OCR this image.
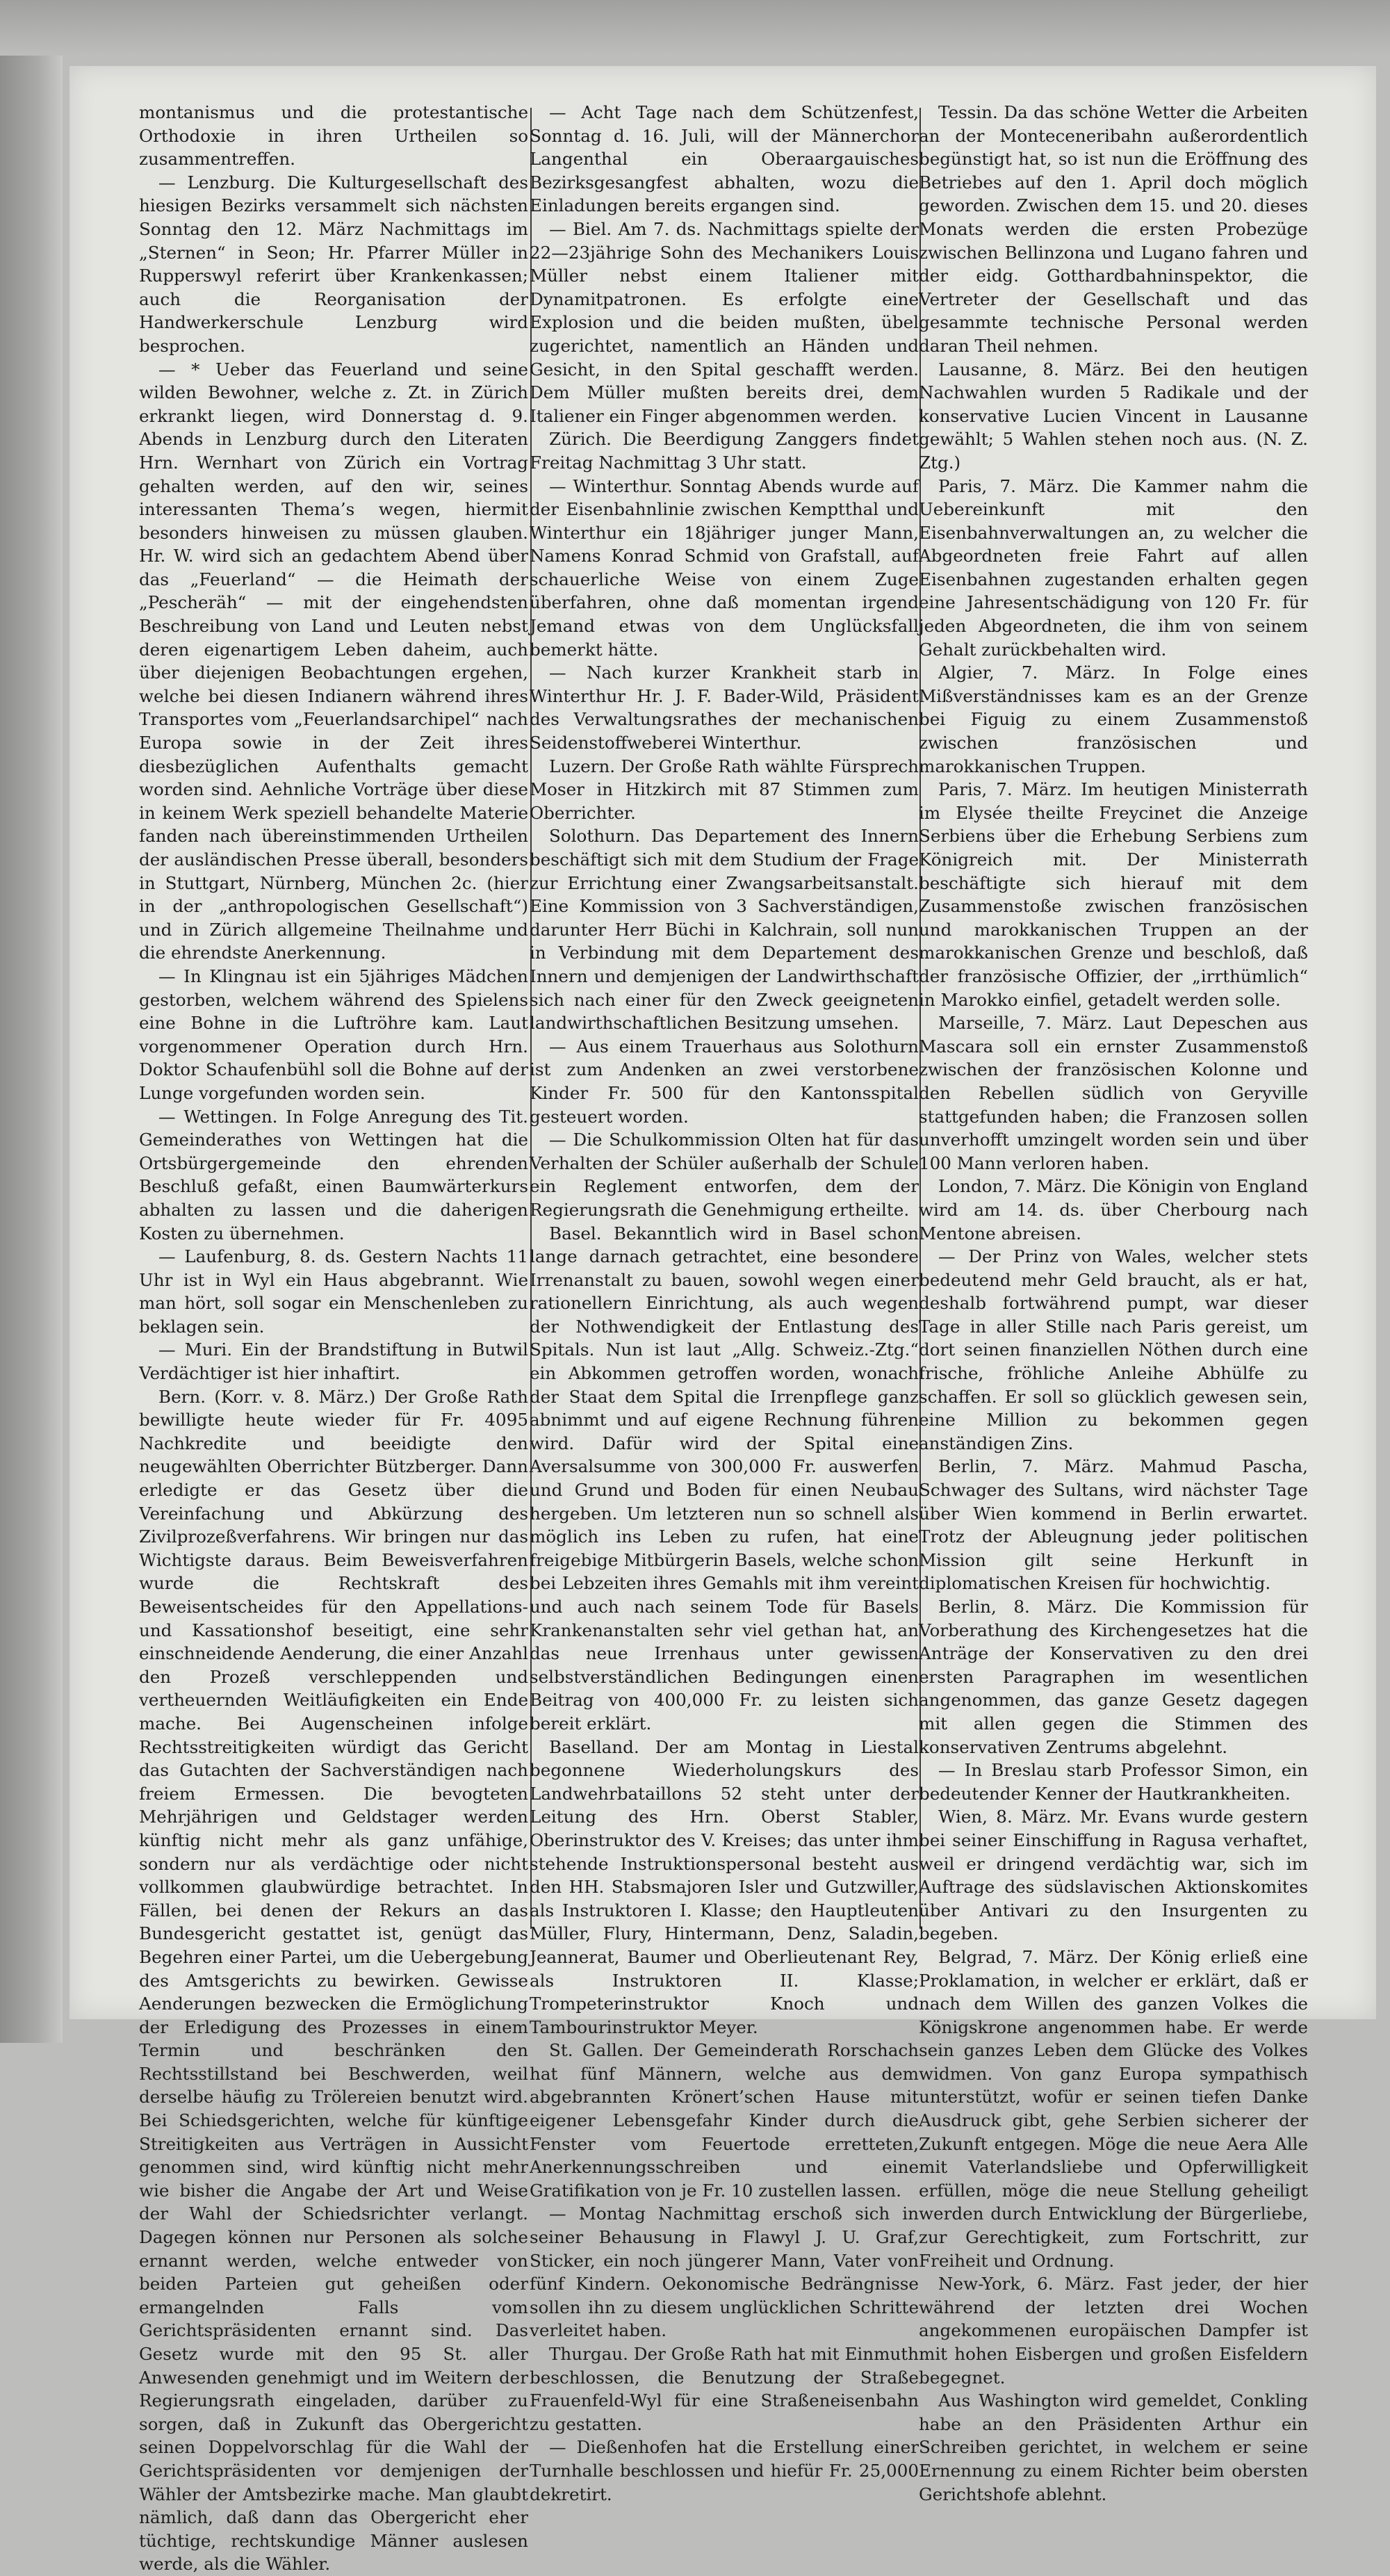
montanismus und die protestantische Orthodoxie in ihren Urtheilen so zusammentreffen.

— Lenzburg. Die Kulturgesellschaft des hiesigen Bezirks versammelt sich nächsten Sonntag den 12. März Nachmittags im „Sternen“ in Seon; Hr. Pfarrer Müller in Rupperswyl referirt über Krankenkassen; auch die Reorganisation der Handwerkerschule Lenzburg wird besprochen.

— * Ueber das Feuerland und seine wilden Bewohner, welche z. Zt. in Zürich erkrankt liegen, wird Donnerstag d. 9. Abends in Lenzburg durch den Literaten Hrn. Wernhart von Zürich ein Vortrag gehalten werden, auf den wir, seines interessanten Thema’s wegen, hiermit besonders hinweisen zu müssen glauben. Hr. W. wird sich an gedachtem Abend über das „Feuerland“ — die Heimath der „Pescheräh“ — mit der eingehendsten Beschreibung von Land und Leuten nebst deren eigenartigem Leben daheim, auch über diejenigen Beobachtungen ergehen, welche bei diesen Indianern während ihres Transportes vom „Feuerlandsarchipel“ nach Europa sowie in der Zeit ihres diesbezüglichen Aufenthalts gemacht worden sind. Aehnliche Vorträge über diese in keinem Werk speziell behandelte Materie fanden nach übereinstimmenden Urtheilen der ausländischen Presse überall, besonders in Stuttgart, Nürnberg, München 2c. (hier in der „anthropologischen Gesellschaft“) und in Zürich allgemeine Theilnahme und die ehrendste Anerkennung.

— In Klingnau ist ein 5jähriges Mädchen gestorben, welchem während des Spielens eine Bohne in die Luftröhre kam. Laut vorgenommener Operation durch Hrn. Doktor Schaufenbühl soll die Bohne auf der Lunge vorgefunden worden sein.

— Wettingen. In Folge Anregung des Tit. Gemeinderathes von Wettingen hat die Ortsbürgergemeinde den ehrenden Beschluß gefaßt, einen Baumwärterkurs abhalten zu lassen und die daherigen Kosten zu übernehmen.

— Laufenburg, 8. ds. Gestern Nachts 11 Uhr ist in Wyl ein Haus abgebrannt. Wie man hört, soll sogar ein Menschenleben zu beklagen sein.

— Muri. Ein der Brandstiftung in Butwil Verdächtiger ist hier inhaftirt.

Bern. (Korr. v. 8. März.) Der Große Rath bewilligte heute wieder für Fr. 4095 Nachkredite und beeidigte den neugewählten Oberrichter Bützberger. Dann erledigte er das Gesetz über die Vereinfachung und Abkürzung des Zivilprozeßverfahrens. Wir bringen nur das Wichtigste daraus. Beim Beweisverfahren wurde die Rechtskraft des Beweisentscheides für den Appellations- und Kassationshof beseitigt, eine sehr einschneidende Aenderung, die einer Anzahl den Prozeß verschleppenden und vertheuernden Weitläufigkeiten ein Ende mache. Bei Augenscheinen infolge Rechtsstreitigkeiten würdigt das Gericht das Gutachten der Sachverständigen nach freiem Ermessen. Die bevogteten Mehrjährigen und Geldstager werden künftig nicht mehr als ganz unfähige, sondern nur als verdächtige oder nicht vollkommen glaubwürdige betrachtet. In Fällen, bei denen der Rekurs an das Bundesgericht gestattet ist, genügt das Begehren einer Partei, um die Uebergebung des Amtsgerichts zu bewirken. Gewisse Aenderungen bezwecken die Ermöglichung der Erledigung des Prozesses in einem Termin und beschränken den Rechtsstillstand bei Beschwerden, weil derselbe häufig zu Trölereien benutzt wird. Bei Schiedsgerichten, welche für künftige Streitigkeiten aus Verträgen in Aussicht genommen sind, wird künftig nicht mehr wie bisher die Angabe der Art und Weise der Wahl der Schiedsrichter verlangt. Dagegen können nur Personen als solche ernannt werden, welche entweder von beiden Parteien gut geheißen oder ermangelnden Falls vom Gerichtspräsidenten ernannt sind. Das Gesetz wurde mit den 95 St. aller Anwesenden genehmigt und im Weitern der Regierungsrath eingeladen, darüber zu sorgen, daß in Zukunft das Obergericht seinen Doppelvorschlag für die Wahl der Gerichtspräsidenten vor demjenigen der Wähler der Amtsbezirke mache. Man glaubt nämlich, daß dann das Obergericht eher tüchtige, rechtskundige Männer auslesen werde, als die Wähler.

— Acht Tage nach dem Schützenfest, Sonntag d. 16. Juli, will der Männerchor Langenthal ein Oberaargauisches Bezirksgesangfest abhalten, wozu die Einladungen bereits ergangen sind.

— Biel. Am 7. ds. Nachmittags spielte der 22—23jährige Sohn des Mechanikers Louis Müller nebst einem Italiener mit Dynamitpatronen. Es erfolgte eine Explosion und die beiden mußten, übel zugerichtet, namentlich an Händen und Gesicht, in den Spital geschafft werden. Dem Müller mußten bereits drei, dem Italiener ein Finger abgenommen werden.

Zürich. Die Beerdigung Zanggers findet Freitag Nachmittag 3 Uhr statt.

— Winterthur. Sonntag Abends wurde auf der Eisenbahnlinie zwischen Kemptthal und Winterthur ein 18jähriger junger Mann, Namens Konrad Schmid von Grafstall, auf schauerliche Weise von einem Zuge überfahren, ohne daß momentan irgend Jemand etwas von dem Unglücksfall bemerkt hätte.

— Nach kurzer Krankheit starb in Winterthur Hr. J. F. Bader-Wild, Präsident des Verwaltungsrathes der mechanischen Seidenstoffweberei Winterthur.

Luzern. Der Große Rath wählte Fürsprech Moser in Hitzkirch mit 87 Stimmen zum Oberrichter.

Solothurn. Das Departement des Innern beschäftigt sich mit dem Studium der Frage zur Errichtung einer Zwangsarbeitsanstalt. Eine Kommission von 3 Sachverständigen, darunter Herr Büchi in Kalchrain, soll nun in Verbindung mit dem Departement des Innern und demjenigen der Landwirthschaft sich nach einer für den Zweck geeigneten landwirthschaftlichen Besitzung umsehen.

— Aus einem Trauerhaus aus Solothurn ist zum Andenken an zwei verstorbene Kinder Fr. 500 für den Kantonsspital gesteuert worden.

— Die Schulkommission Olten hat für das Verhalten der Schüler außerhalb der Schule ein Reglement entworfen, dem der Regierungsrath die Genehmigung ertheilte.

Basel. Bekanntlich wird in Basel schon lange darnach getrachtet, eine besondere Irrenanstalt zu bauen, sowohl wegen einer rationellern Einrichtung, als auch wegen der Nothwendigkeit der Entlastung des Spitals. Nun ist laut „Allg. Schweiz.-Ztg.“ ein Abkommen getroffen worden, wonach der Staat dem Spital die Irrenpflege ganz abnimmt und auf eigene Rechnung führen wird. Dafür wird der Spital eine Aversalsumme von 300,000 Fr. auswerfen und Grund und Boden für einen Neubau hergeben. Um letzteren nun so schnell als möglich ins Leben zu rufen, hat eine freigebige Mitbürgerin Basels, welche schon bei Lebzeiten ihres Gemahls mit ihm vereint und auch nach seinem Tode für Basels Krankenanstalten sehr viel gethan hat, an das neue Irrenhaus unter gewissen selbstverständlichen Bedingungen einen Beitrag von 400,000 Fr. zu leisten sich bereit erklärt.

Baselland. Der am Montag in Liestal begonnene Wiederholungskurs des Landwehrbataillons 52 steht unter der Leitung des Hrn. Oberst Stabler, Oberinstruktor des V. Kreises; das unter ihm stehende Instruktionspersonal besteht aus den HH. Stabsmajoren Isler und Gutzwiller, als Instruktoren I. Klasse; den Hauptleuten Müller, Flury, Hintermann, Denz, Saladin, Jeannerat, Baumer und Oberlieutenant Rey, als Instruktoren II. Klasse; Trompeterinstruktor Knoch und Tambourinstruktor Meyer.

St. Gallen. Der Gemeinderath Rorschach hat fünf Männern, welche aus dem abgebrannten Krönert’schen Hause mit eigener Lebensgefahr Kinder durch die Fenster vom Feuertode erretteten, Anerkennungsschreiben und eine Gratifikation von je Fr. 10 zustellen lassen.

— Montag Nachmittag erschoß sich in seiner Behausung in Flawyl J. U. Graf, Sticker, ein noch jüngerer Mann, Vater von fünf Kindern. Oekonomische Bedrängnisse sollen ihn zu diesem unglücklichen Schritte verleitet haben.

Thurgau. Der Große Rath hat mit Einmuth beschlossen, die Benutzung der Straße Frauenfeld-Wyl für eine Straßeneisenbahn zu gestatten.

— Dießenhofen hat die Erstellung einer Turnhalle beschlossen und hiefür Fr. 25,000 dekretirt.

Tessin. Da das schöne Wetter die Arbeiten an der Monteceneribahn außerordentlich begünstigt hat, so ist nun die Eröffnung des Betriebes auf den 1. April doch möglich geworden. Zwischen dem 15. und 20. dieses Monats werden die ersten Probezüge zwischen Bellinzona und Lugano fahren und der eidg. Gotthardbahninspektor, die Vertreter der Gesellschaft und das gesammte technische Personal werden daran Theil nehmen.

Lausanne, 8. März. Bei den heutigen Nachwahlen wurden 5 Radikale und der konservative Lucien Vincent in Lausanne gewählt; 5 Wahlen stehen noch aus. (N. Z. Ztg.)

Paris, 7. März. Die Kammer nahm die Uebereinkunft mit den Eisenbahnverwaltungen an, zu welcher die Abgeordneten freie Fahrt auf allen Eisenbahnen zugestanden erhalten gegen eine Jahresentschädigung von 120 Fr. für jeden Abgeordneten, die ihm von seinem Gehalt zurückbehalten wird.

Algier, 7. März. In Folge eines Mißverständnisses kam es an der Grenze bei Figuig zu einem Zusammenstoß zwischen französischen und marokkanischen Truppen.

Paris, 7. März. Im heutigen Ministerrath im Elysée theilte Freycinet die Anzeige Serbiens über die Erhebung Serbiens zum Königreich mit. Der Ministerrath beschäftigte sich hierauf mit dem Zusammenstoße zwischen französischen und marokkanischen Truppen an der marokkanischen Grenze und beschloß, daß der französische Offizier, der „irrthümlich“ in Marokko einfiel, getadelt werden solle.

Marseille, 7. März. Laut Depeschen aus Mascara soll ein ernster Zusammenstoß zwischen der französischen Kolonne und den Rebellen südlich von Geryville stattgefunden haben; die Franzosen sollen unverhofft umzingelt worden sein und über 100 Mann verloren haben.

London, 7. März. Die Königin von England wird am 14. ds. über Cherbourg nach Mentone abreisen.

— Der Prinz von Wales, welcher stets bedeutend mehr Geld braucht, als er hat, deshalb fortwährend pumpt, war dieser Tage in aller Stille nach Paris gereist, um dort seinen finanziellen Nöthen durch eine frische, fröhliche Anleihe Abhülfe zu schaffen. Er soll so glücklich gewesen sein, eine Million zu bekommen gegen anständigen Zins.

Berlin, 7. März. Mahmud Pascha, Schwager des Sultans, wird nächster Tage über Wien kommend in Berlin erwartet. Trotz der Ableugnung jeder politischen Mission gilt seine Herkunft in diplomatischen Kreisen für hochwichtig.

Berlin, 8. März. Die Kommission für Vorberathung des Kirchengesetzes hat die Anträge der Konservativen zu den drei ersten Paragraphen im wesentlichen angenommen, das ganze Gesetz dagegen mit allen gegen die Stimmen des konservativen Zentrums abgelehnt.

— In Breslau starb Professor Simon, ein bedeutender Kenner der Hautkrankheiten.

Wien, 8. März. Mr. Evans wurde gestern bei seiner Einschiffung in Ragusa verhaftet, weil er dringend verdächtig war, sich im Auftrage des südslavischen Aktionskomites über Antivari zu den Insurgenten zu begeben.

Belgrad, 7. März. Der König erließ eine Proklamation, in welcher er erklärt, daß er nach dem Willen des ganzen Volkes die Königskrone angenommen habe. Er werde sein ganzes Leben dem Glücke des Volkes widmen. Von ganz Europa sympathisch unterstützt, wofür er seinen tiefen Danke Ausdruck gibt, gehe Serbien sicherer der Zukunft entgegen. Möge die neue Aera Alle mit Vaterlandsliebe und Opferwilligkeit erfüllen, möge die neue Stellung geheiligt werden durch Entwicklung der Bürgerliebe, zur Gerechtigkeit, zum Fortschritt, zur Freiheit und Ordnung.

New-York, 6. März. Fast jeder, der hier während der letzten drei Wochen angekommenen europäischen Dampfer ist mit hohen Eisbergen und großen Eisfeldern begegnet.

Aus Washington wird gemeldet, Conkling habe an den Präsidenten Arthur ein Schreiben gerichtet, in welchem er seine Ernennung zu einem Richter beim obersten Gerichtshofe ablehnt.
